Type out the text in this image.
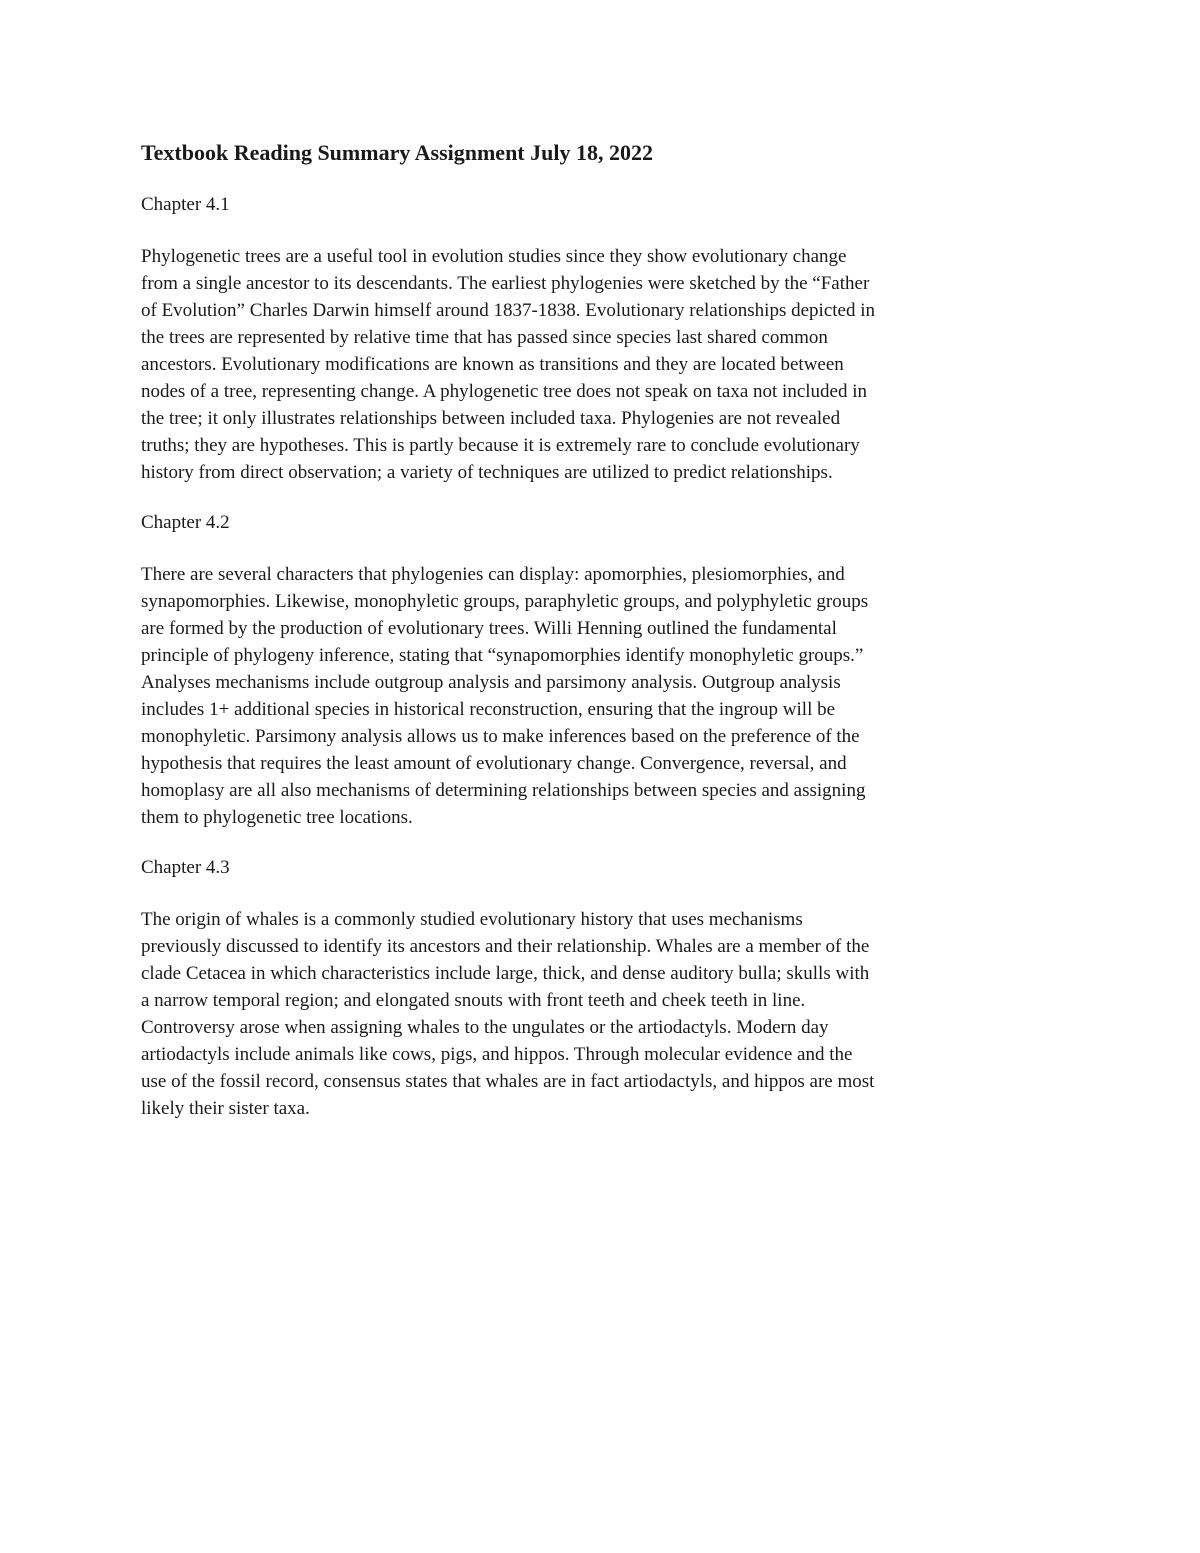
Textbook Reading Summary Assignment July 18, 2022
Chapter 4.1
Phylogenetic trees are a useful tool in evolution studies since they show evolutionary change
from a single ancestor to its descendants. The earliest phylogenies were sketched by the “Father
of Evolution” Charles Darwin himself around 1837-1838. Evolutionary relationships depicted in
the trees are represented by relative time that has passed since species last shared common
ancestors. Evolutionary modifications are known as transitions and they are located between
nodes of a tree, representing change. A phylogenetic tree does not speak on taxa not included in
the tree; it only illustrates relationships between included taxa. Phylogenies are not revealed
truths; they are hypotheses. This is partly because it is extremely rare to conclude evolutionary
history from direct observation; a variety of techniques are utilized to predict relationships.
Chapter 4.2
There are several characters that phylogenies can display: apomorphies, plesiomorphies, and
synapomorphies. Likewise, monophyletic groups, paraphyletic groups, and polyphyletic groups
are formed by the production of evolutionary trees. Willi Henning outlined the fundamental
principle of phylogeny inference, stating that “synapomorphies identify monophyletic groups.”
Analyses mechanisms include outgroup analysis and parsimony analysis. Outgroup analysis
includes 1+ additional species in historical reconstruction, ensuring that the ingroup will be
monophyletic. Parsimony analysis allows us to make inferences based on the preference of the
hypothesis that requires the least amount of evolutionary change. Convergence, reversal, and
homoplasy are all also mechanisms of determining relationships between species and assigning
them to phylogenetic tree locations.
Chapter 4.3
The origin of whales is a commonly studied evolutionary history that uses mechanisms
previously discussed to identify its ancestors and their relationship. Whales are a member of the
clade Cetacea in which characteristics include large, thick, and dense auditory bulla; skulls with
a narrow temporal region; and elongated snouts with front teeth and cheek teeth in line.
Controversy arose when assigning whales to the ungulates or the artiodactyls. Modern day
artiodactyls include animals like cows, pigs, and hippos. Through molecular evidence and the
use of the fossil record, consensus states that whales are in fact artiodactyls, and hippos are most
likely their sister taxa.
